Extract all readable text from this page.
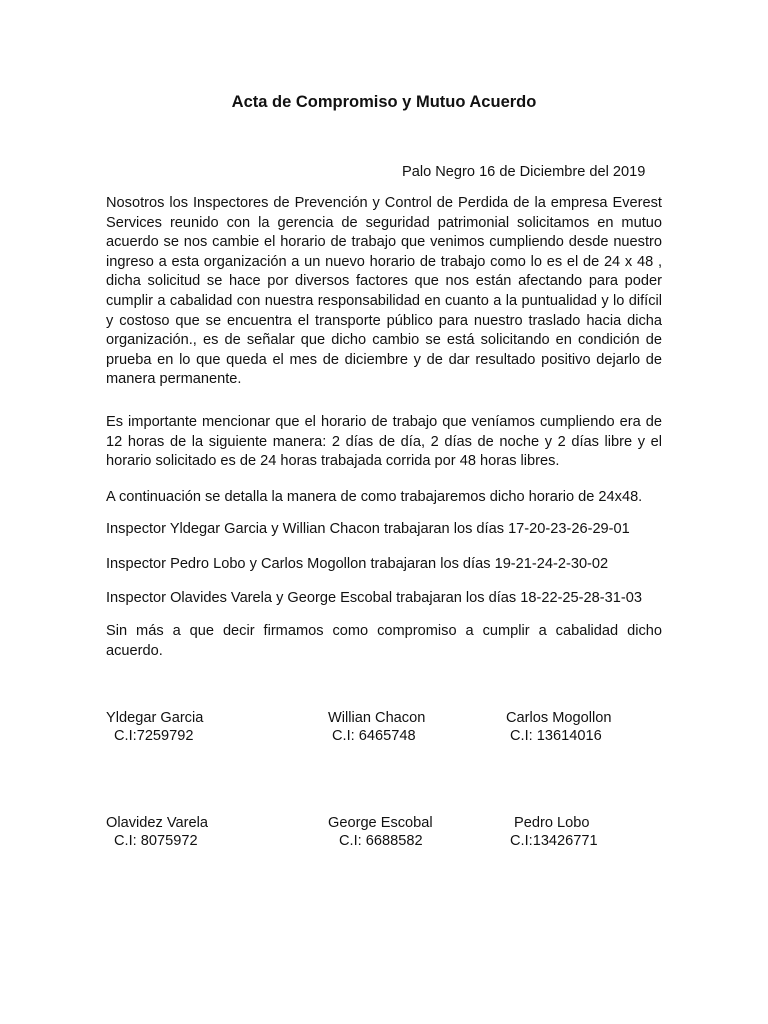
Acta de Compromiso y Mutuo Acuerdo
Palo Negro 16 de Diciembre del 2019

Nosotros los Inspectores de Prevención y Control de Perdida de la empresa Everest Services reunido con la gerencia de seguridad patrimonial solicitamos en mutuo acuerdo se nos cambie el horario de trabajo que venimos cumpliendo desde nuestro ingreso a esta organización a un nuevo horario de trabajo como lo es el de 24 x 48 , dicha solicitud se hace por diversos factores que nos están afectando para poder cumplir a cabalidad con nuestra responsabilidad en cuanto a la puntualidad y lo difícil y costoso que se encuentra el transporte público para nuestro traslado hacia dicha organización., es de señalar que dicho cambio se está solicitando en condición de prueba en lo que queda el mes de diciembre y de dar resultado positivo dejarlo de manera permanente.

Es importante mencionar que el horario de trabajo que veníamos cumpliendo era de 12 horas de la siguiente manera: 2 días de día, 2 días de noche y 2 días libre y el horario solicitado es de 24 horas trabajada corrida por 48 horas libres.

A continuación se detalla la manera de como trabajaremos dicho horario de 24x48.

Inspector Yldegar Garcia y Willian Chacon trabajaran los días 17-20-23-26-29-01

Inspector Pedro Lobo y Carlos Mogollon trabajaran los días 19-21-24-2-30-02

Inspector Olavides Varela y George Escobal trabajaran los días 18-22-25-28-31-03

Sin más a que decir firmamos como compromiso a cumplir a cabalidad dicho acuerdo.

Yldegar Garcia
C.I:7259792
Willian Chacon
C.I: 6465748
Carlos Mogollon
C.I: 13614016
Olavidez Varela
C.I: 8075972
George Escobal
C.I: 6688582
Pedro Lobo
C.I:13426771
